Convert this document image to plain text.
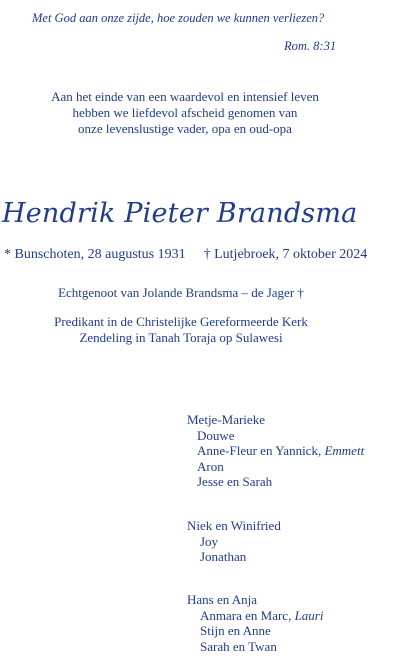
Met God aan onze zijde, hoe zouden we kunnen verliezen?
Rom. 8:31
Aan het einde van een waardevol en intensief leven
hebben we liefdevol afscheid genomen van
onze levenslustige vader, opa en oud-opa
Hendrik Pieter Brandsma
* Bunschoten, 28 augustus 1931 † Lutjebroek, 7 oktober 2024
Echtgenoot van Jolande Brandsma – de Jager †
Predikant in de Christelijke Gereformeerde Kerk
Zendeling in Tanah Toraja op Sulawesi
Metje-Marieke
Douwe
Anne-Fleur en Yannick, Emmett
Aron
Jesse en Sarah
Niek en Winifried
Joy
Jonathan
Hans en Anja
Anmara en Marc, Lauri
Stijn en Anne
Sarah en Twan
